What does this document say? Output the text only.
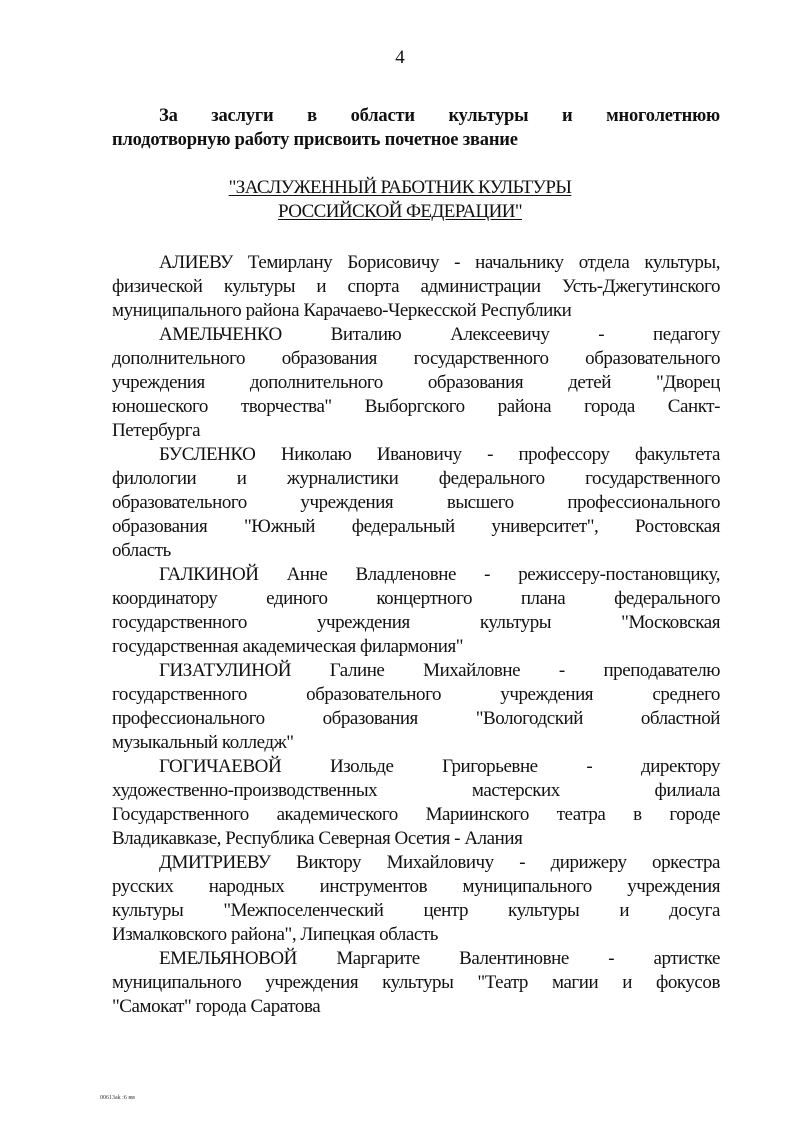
4
За заслуги в области культуры и многолетнюю
плодотворную работу присвоить почетное звание
"ЗАСЛУЖЕННЫЙ РАБОТНИК КУЛЬТУРЫ
РОССИЙСКОЙ ФЕДЕРАЦИИ"
АЛИЕВУ Темирлану Борисовичу - начальнику отдела культуры,
физической культуры и спорта администрации Усть-Джегутинского
муниципального района Карачаево-Черкесской Республики
АМЕЛЬЧЕНКО Виталию Алексеевичу - педагогу
дополнительного образования государственного образовательного
учреждения дополнительного образования детей "Дворец
юношеского творчества" Выборгского района города Санкт-
Петербурга
БУСЛЕНКО Николаю Ивановичу - профессору факультета
филологии и журналистики федерального государственного
образовательного учреждения высшего профессионального
образования "Южный федеральный университет", Ростовская
область
ГАЛКИНОЙ Анне Владленовне - режиссеру-постановщику,
координатору единого концертного плана федерального
государственного учреждения культуры "Московская
государственная академическая филармония"
ГИЗАТУЛИНОЙ Галине Михайловне - преподавателю
государственного образовательного учреждения среднего
профессионального образования "Вологодский областной
музыкальный колледж"
ГОГИЧАЕВОЙ Изольде Григорьевне - директору
художественно-производственных мастерских филиала
Государственного академического Мариинского театра в городе
Владикавказе, Республика Северная Осетия - Алания
ДМИТРИЕВУ Виктору Михайловичу - дирижеру оркестра
русских народных инструментов муниципального учреждения
культуры "Межпоселенческий центр культуры и досуга
Измалковского района", Липецкая область
ЕМЕЛЬЯНОВОЙ Маргарите Валентиновне - артистке
муниципального учреждения культуры "Театр магии и фокусов
"Самокат" города Саратова
00613ak :6 вм
